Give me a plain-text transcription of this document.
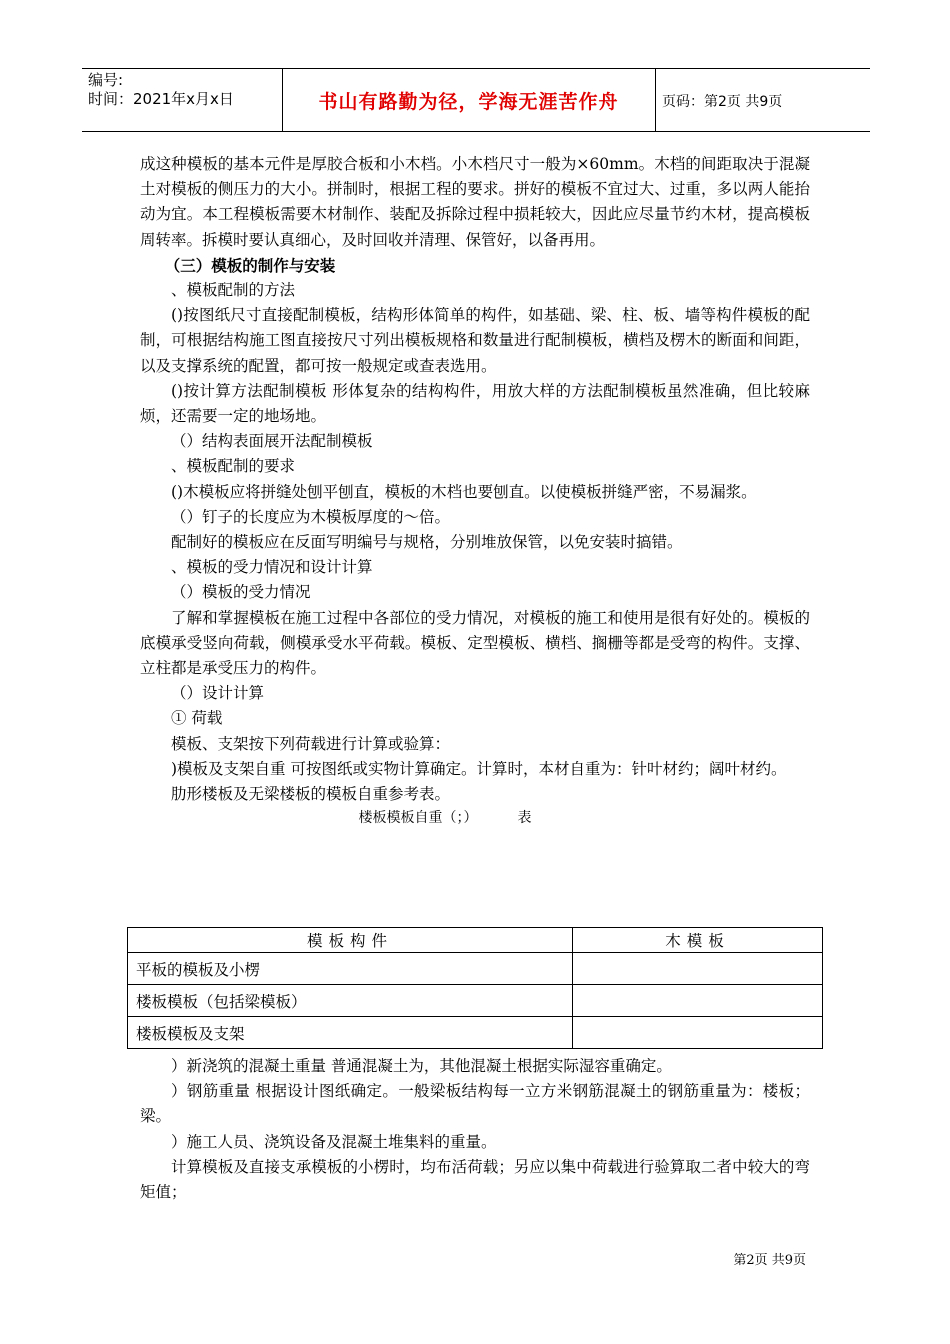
编号:
时间：2021年x月x日	书山有路勤为径，学海无涯苦作舟	页码：第2页 共9页

成这种模板的基本元件是厚胶合板和小木档。小木档尺寸一般为×60mm。木档的间距取决于混凝土对模板的侧压力的大小。拼制时，根据工程的要求。拼好的模板不宜过大、过重，多以两人能抬动为宜。本工程模板需要木材制作、装配及拆除过程中损耗较大，因此应尽量节约木材，提高模板周转率。拆模时要认真细心，及时回收并清理、保管好，以备再用。

（三）模板的制作与安装

、模板配制的方法

()按图纸尺寸直接配制模板，结构形体简单的构件，如基础、梁、柱、板、墙等构件模板的配制，可根据结构施工图直接按尺寸列出模板规格和数量进行配制模板，横档及楞木的断面和间距，以及支撑系统的配置，都可按一般规定或查表选用。

()按计算方法配制模板 形体复杂的结构构件，用放大样的方法配制模板虽然准确，但比较麻烦，还需要一定的地场地。

（）结构表面展开法配制模板

、模板配制的要求

()木模板应将拼缝处刨平刨直，模板的木档也要刨直。以使模板拼缝严密，不易漏浆。

（）钉子的长度应为木模板厚度的～倍。

配制好的模板应在反面写明编号与规格，分别堆放保管，以免安装时搞错。

、模板的受力情况和设计计算

（）模板的受力情况

了解和掌握模板在施工过程中各部位的受力情况，对模板的施工和使用是很有好处的。模板的底模承受竖向荷载，侧模承受水平荷载。模板、定型模板、横档、搁栅等都是受弯的构件。支撑、立柱都是承受压力的构件。

（）设计计算

① 荷载

模板、支架按下列荷载进行计算或验算：

)模板及支架自重 可按图纸或实物计算确定。计算时，本材自重为：针叶材约；阔叶材约。

肋形楼板及无梁楼板的模板自重参考表。

楼板模板自重（；）	表

模板构件	木模板
平板的模板及小楞	
楼板模板（包括梁模板）	
楼板模板及支架	

）新浇筑的混凝土重量 普通混凝土为，其他混凝土根据实际湿容重确定。

）钢筋重量 根据设计图纸确定。一般梁板结构每一立方米钢筋混凝土的钢筋重量为：楼板；梁。

）施工人员、浇筑设备及混凝土堆集料的重量。

计算模板及直接支承模板的小楞时，均布活荷载；另应以集中荷载进行验算取二者中较大的弯矩值；

第2页 共9页
